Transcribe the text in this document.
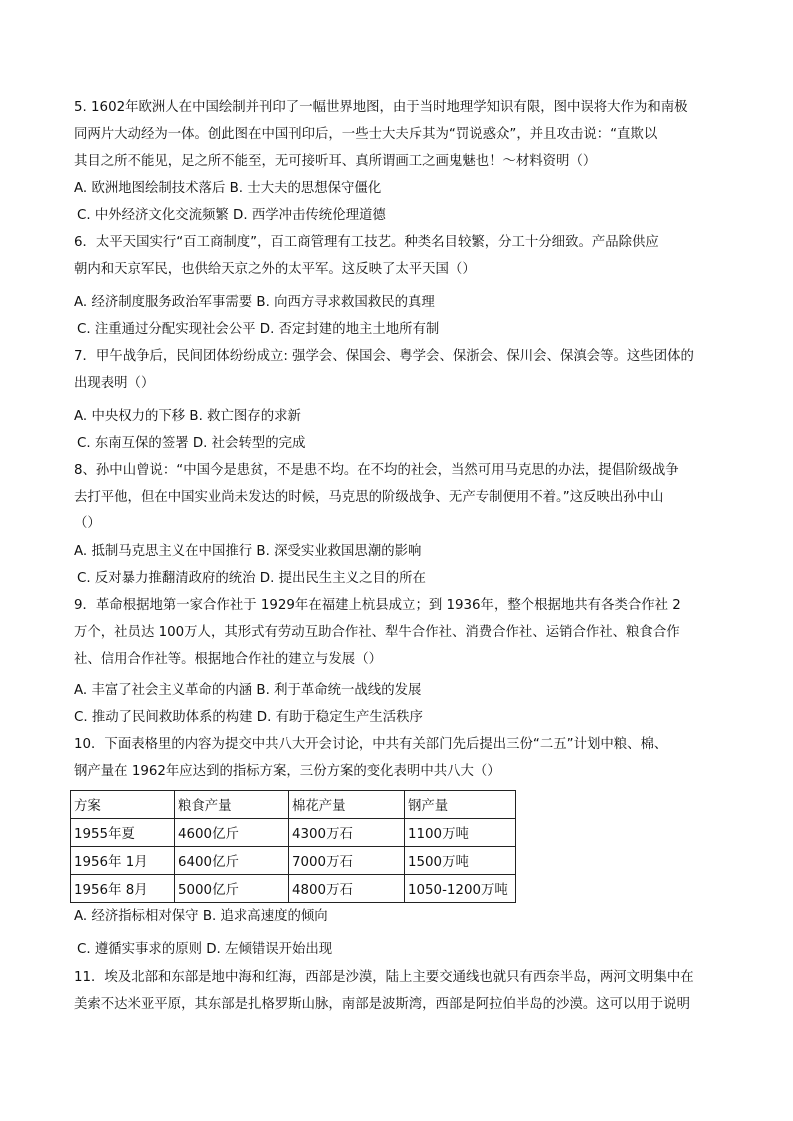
5. 1602年欧洲人在中国绘制并刊印了一幅世界地图，由于当时地理学知识有限，图中误将大作为和南极
同两片大动经为一体。创此图在中国刊印后，一些士大夫斥其为“罚说惑众”，并且攻击说：“直欺以
其目之所不能见，足之所不能至，无可接听耳、真所谓画工之画鬼魅也！～材料资明（）
A. 欧洲地图绘制技术落后 B. 士大夫的思想保守僵化
C. 中外经济文化交流频繁 D. 西学冲击传统伦理道德
6．太平天国实行“百工商制度”，百工商管理有工技艺。种类名目较繁，分工十分细致。产品除供应
朝内和天京军民，也供给天京之外的太平军。这反映了太平天国（）
A. 经济制度服务政治军事需要 B. 向西方寻求救国救民的真理
C. 注重通过分配实现社会公平 D. 否定封建的地主土地所有制
7．甲午战争后，民间团体纷纷成立: 强学会、保国会、粤学会、保浙会、保川会、保滇会等。这些团体的
出现表明（）
A. 中央权力的下移 B. 救亡图存的求新
C. 东南互保的签署 D. 社会转型的完成
8、孙中山曾说：“中国今是患贫，不是患不均。在不均的社会，当然可用马克思的办法，提倡阶级战争
去打平他，但在中国实业尚未发达的时候，马克思的阶级战争、无产专制便用不着。”这反映出孙中山
（）
A. 抵制马克思主义在中国推行 B. 深受实业救国思潮的影响
C. 反对暴力推翻清政府的统治 D. 提出民生主义之目的所在
9．革命根据地第一家合作社于 1929年在福建上杭县成立；到 1936年，整个根据地共有各类合作社 2
万个，社员达 100万人，其形式有劳动互助合作社、犁牛合作社、消费合作社、运销合作社、粮食合作
社、信用合作社等。根据地合作社的建立与发展（）
A. 丰富了社会主义革命的内涵 B. 利于革命统一战线的发展
C. 推动了民间救助体系的构建 D. 有助于稳定生产生活秩序
10．下面表格里的内容为提交中共八大开会讨论，中共有关部门先后提出三份“二五”计划中粮、棉、
钢产量在 1962年应达到的指标方案，三份方案的变化表明中共八大（）
方案	粮食产量	棉花产量	钢产量
1955年夏	4600亿斤	4300万石	1100万吨
1956年 1月	6400亿斤	7000万石	1500万吨
1956年 8月	5000亿斤	4800万石	1050-1200万吨
A. 经济指标相对保守 B. 追求高速度的倾向
C. 遵循实事求的原则 D. 左倾错误开始出现
11．埃及北部和东部是地中海和红海，西部是沙漠，陆上主要交通线也就只有西奈半岛，两河文明集中在
美索不达米亚平原，其东部是扎格罗斯山脉，南部是波斯湾，西部是阿拉伯半岛的沙漠。这可以用于说明
